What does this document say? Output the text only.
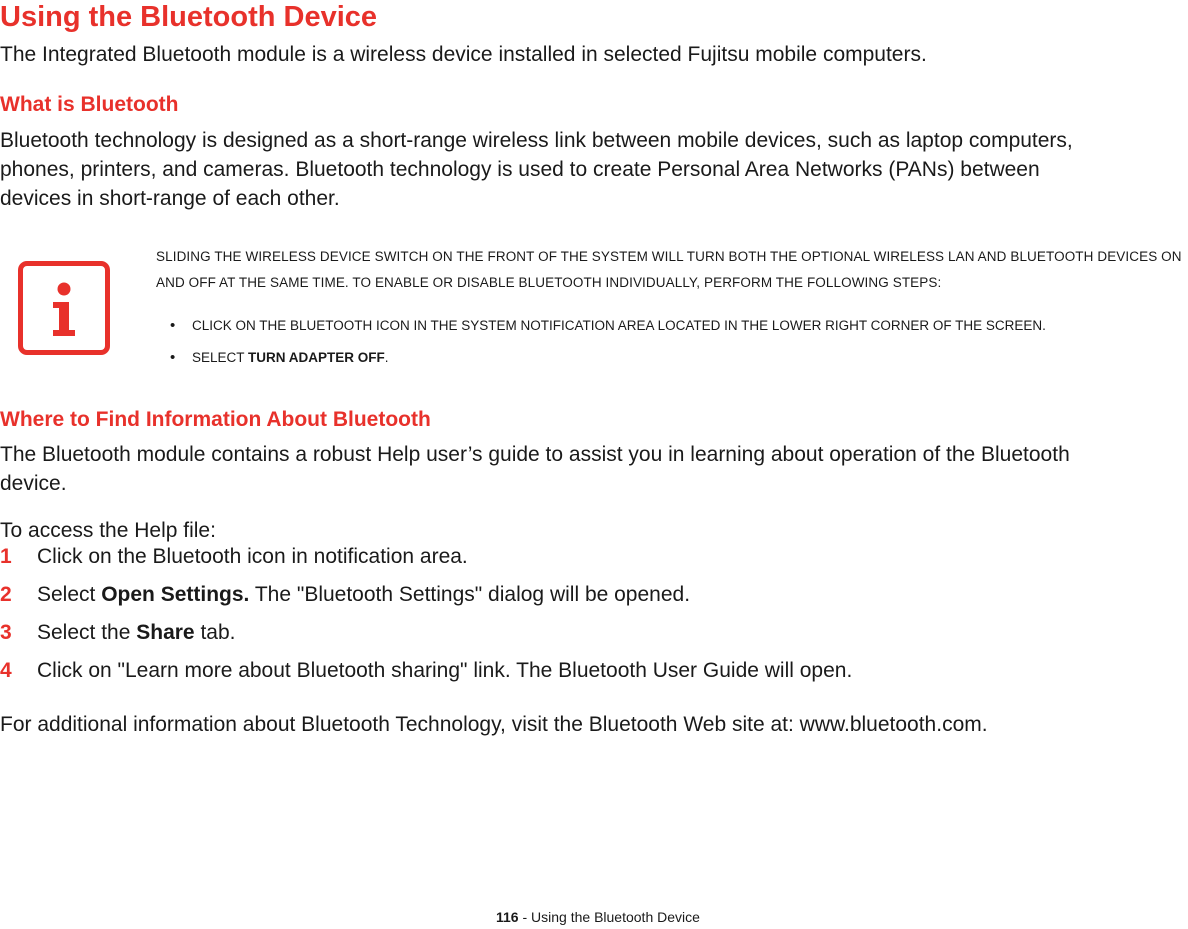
Using the Bluetooth Device
The Integrated Bluetooth module is a wireless device installed in selected Fujitsu mobile computers.
What is Bluetooth
Bluetooth technology is designed as a short-range wireless link between mobile devices, such as laptop computers,
phones, printers, and cameras. Bluetooth technology is used to create Personal Area Networks (PANs) between
devices in short-range of each other.
SLIDING THE WIRELESS DEVICE SWITCH ON THE FRONT OF THE SYSTEM WILL TURN BOTH THE OPTIONAL WIRELESS LAN AND BLUETOOTH DEVICES ON
AND OFF AT THE SAME TIME. TO ENABLE OR DISABLE BLUETOOTH INDIVIDUALLY, PERFORM THE FOLLOWING STEPS:
• CLICK ON THE BLUETOOTH ICON IN THE SYSTEM NOTIFICATION AREA LOCATED IN THE LOWER RIGHT CORNER OF THE SCREEN.
• SELECT TURN ADAPTER OFF.
Where to Find Information About Bluetooth
The Bluetooth module contains a robust Help user’s guide to assist you in learning about operation of the Bluetooth
device.
To access the Help file:
1 Click on the Bluetooth icon in notification area.
2 Select Open Settings. The "Bluetooth Settings" dialog will be opened.
3 Select the Share tab.
4 Click on "Learn more about Bluetooth sharing" link. The Bluetooth User Guide will open.
For additional information about Bluetooth Technology, visit the Bluetooth Web site at: www.bluetooth.com.
116 - Using the Bluetooth Device
